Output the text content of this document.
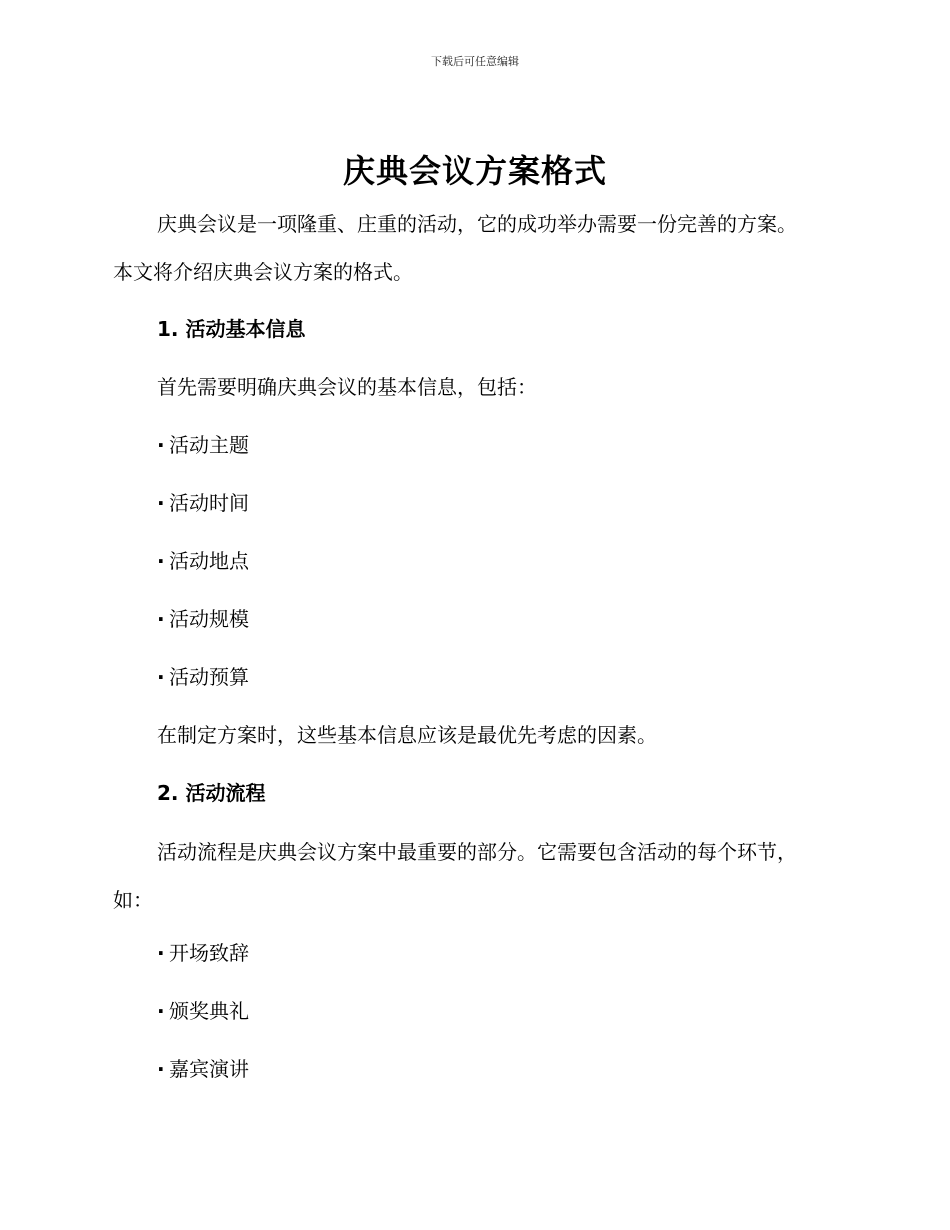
下载后可任意编辑
庆典会议方案格式

庆典会议是一项隆重、庄重的活动，它的成功举办需要一份完善的方案。本文将介绍庆典会议方案的格式。

1. 活动基本信息

首先需要明确庆典会议的基本信息，包括：

· 活动主题
· 活动时间
· 活动地点
· 活动规模
· 活动预算

在制定方案时，这些基本信息应该是最优先考虑的因素。

2. 活动流程

活动流程是庆典会议方案中最重要的部分。它需要包含活动的每个环节，如：

· 开场致辞
· 颁奖典礼
· 嘉宾演讲
